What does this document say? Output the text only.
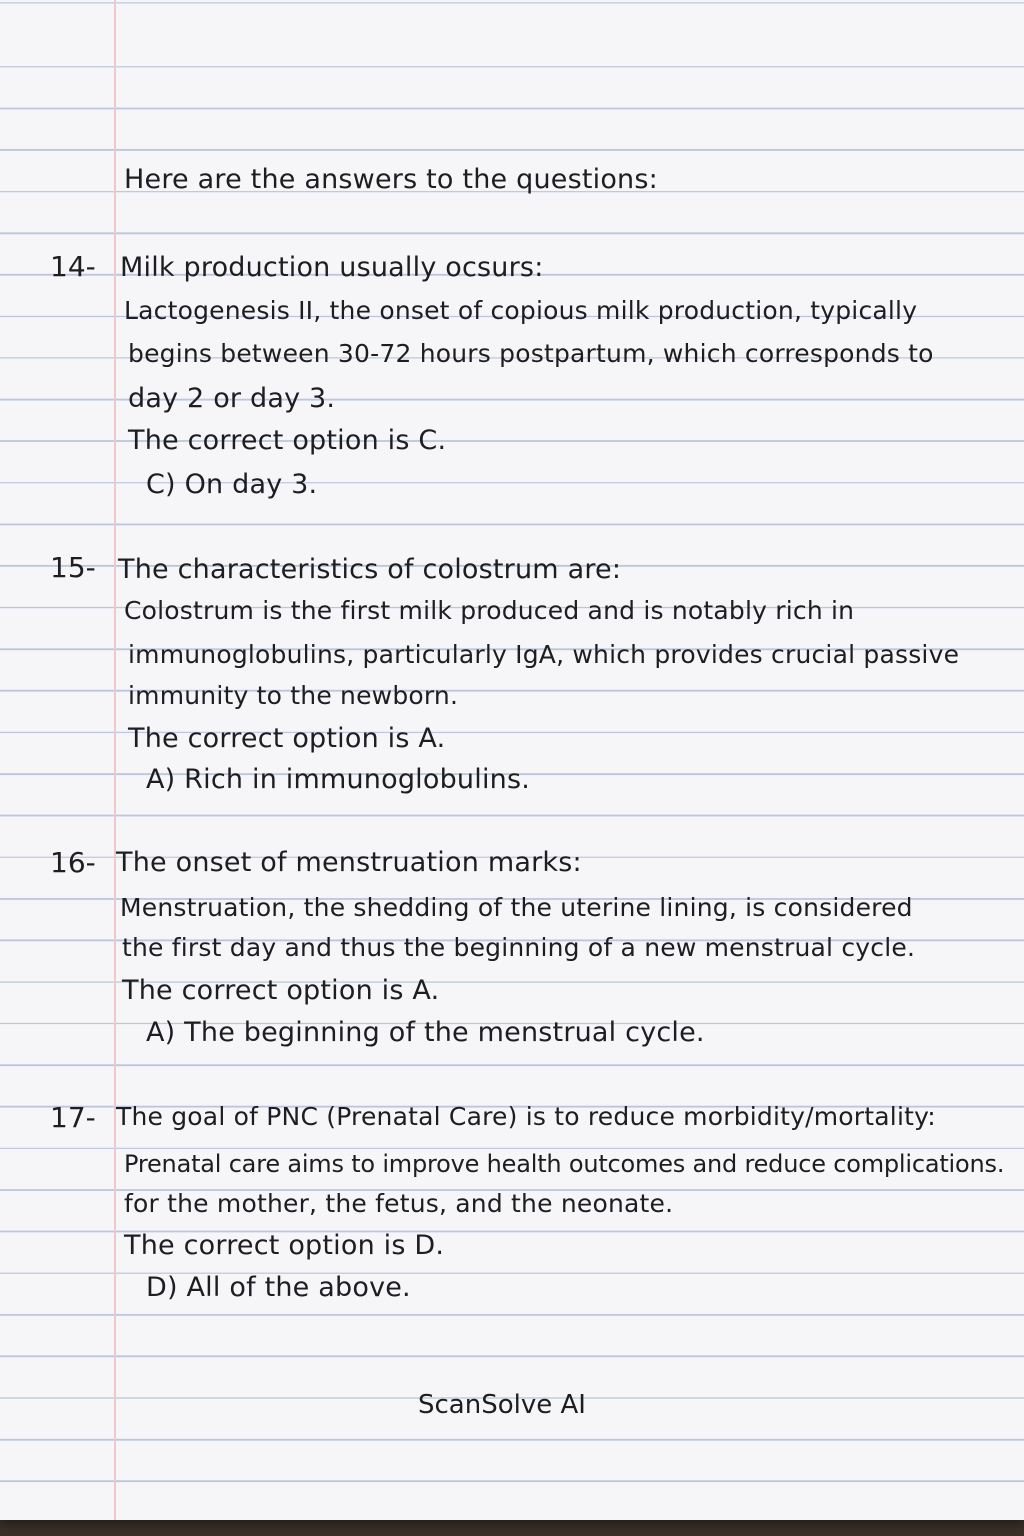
Here are the answers to the questions:
14- Milk production usually ocsurs:
Lactogenesis II, the onset of copious milk production, typically
begins between 30-72 hours postpartum, which corresponds to
day 2 or day 3.
The correct option is C.
C) On day 3.
15- The characteristics of colostrum are:
Colostrum is the first milk produced and is notably rich in
immunoglobulins, particularly IgA, which provides crucial passive
immunity to the newborn.
The correct option is A.
A) Rich in immunoglobulins.
16- The onset of menstruation marks:
Menstruation, the shedding of the uterine lining, is considered
the first day and thus the beginning of a new menstrual cycle.
The correct option is A.
A) The beginning of the menstrual cycle.
17- The goal of PNC (Prenatal Care) is to reduce morbidity/mortality:
Prenatal care aims to improve health outcomes and reduce complications.
for the mother, the fetus, and the neonate.
The correct option is D.
D) All of the above.
ScanSolve AI
